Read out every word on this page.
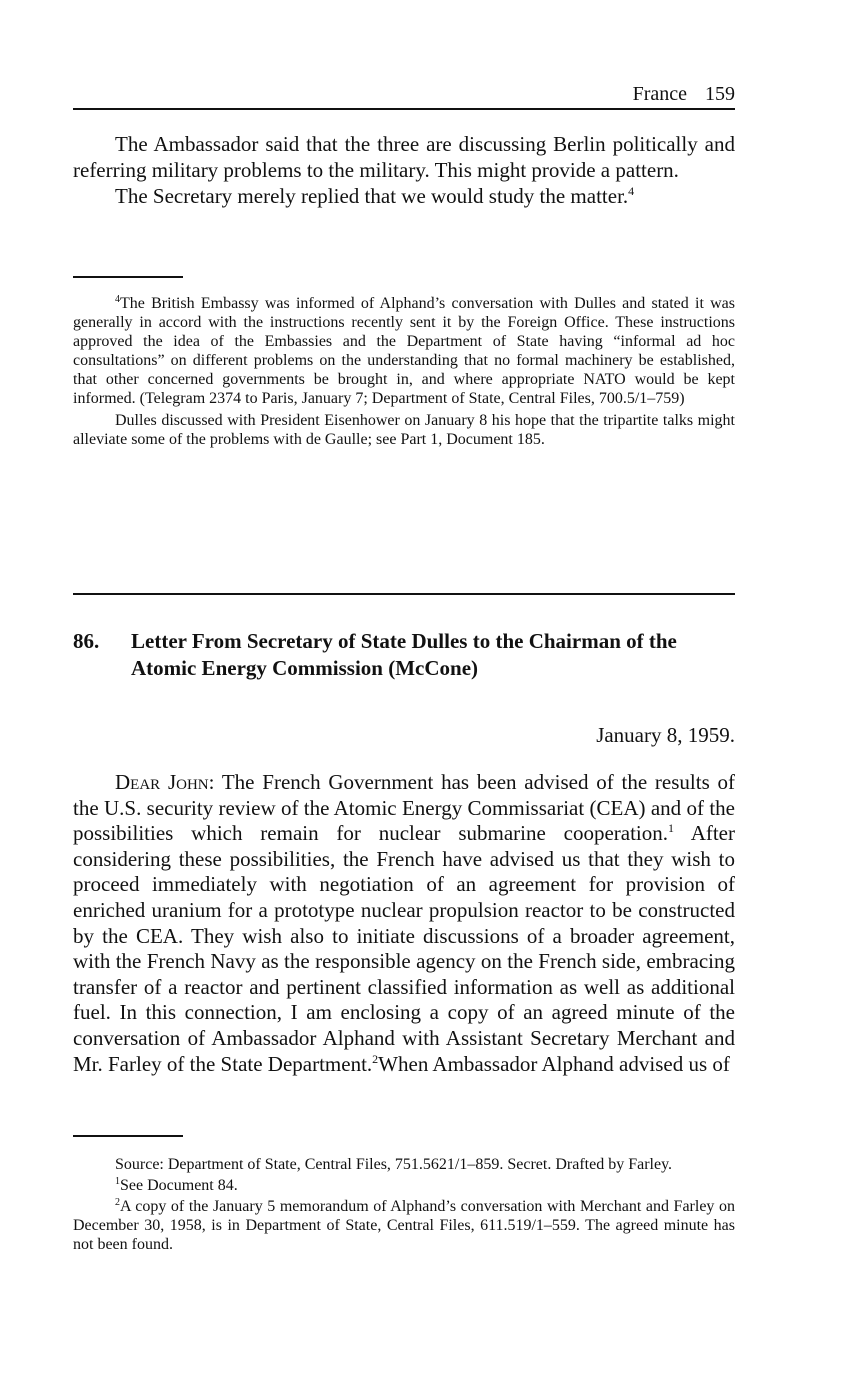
France 159

The Ambassador said that the three are discussing Berlin politically and referring military problems to the military. This might provide a pattern.

The Secretary merely replied that we would study the matter.$^4$

$^4$The British Embassy was informed of Alphand’s conversation with Dulles and stated it was generally in accord with the instructions recently sent it by the Foreign Office. These instructions approved the idea of the Embassies and the Department of State having “informal ad hoc consultations” on different problems on the understanding that no formal machinery be established, that other concerned governments be brought in, and where appropriate NATO would be kept informed. (Telegram 2374 to Paris, January 7; Department of State, Central Files, 700.5/1–759)

Dulles discussed with President Eisenhower on January 8 his hope that the tripartite talks might alleviate some of the problems with de Gaulle; see Part 1, Document 185.

86. Letter From Secretary of State Dulles to the Chairman of the Atomic Energy Commission (McCone)
January 8, 1959.

Dear John: The French Government has been advised of the results of the U.S. security review of the Atomic Energy Commissariat (CEA) and of the possibilities which remain for nuclear submarine cooperation.$^1$ After considering these possibilities, the French have advised us that they wish to proceed immediately with negotiation of an agreement for provision of enriched uranium for a prototype nuclear propulsion reactor to be constructed by the CEA. They wish also to initiate discussions of a broader agreement, with the French Navy as the responsible agency on the French side, embracing transfer of a reactor and pertinent classified information as well as additional fuel. In this connection, I am enclosing a copy of an agreed minute of the conversation of Ambassador Alphand with Assistant Secretary Merchant and Mr. Farley of the State Department.$^2$When Ambassador Alphand advised us of

Source: Department of State, Central Files, 751.5621/1–859. Secret. Drafted by Farley.

$^1$See Document 84.

$^2$A copy of the January 5 memorandum of Alphand’s conversation with Merchant and Farley on December 30, 1958, is in Department of State, Central Files, 611.519/1–559. The agreed minute has not been found.
